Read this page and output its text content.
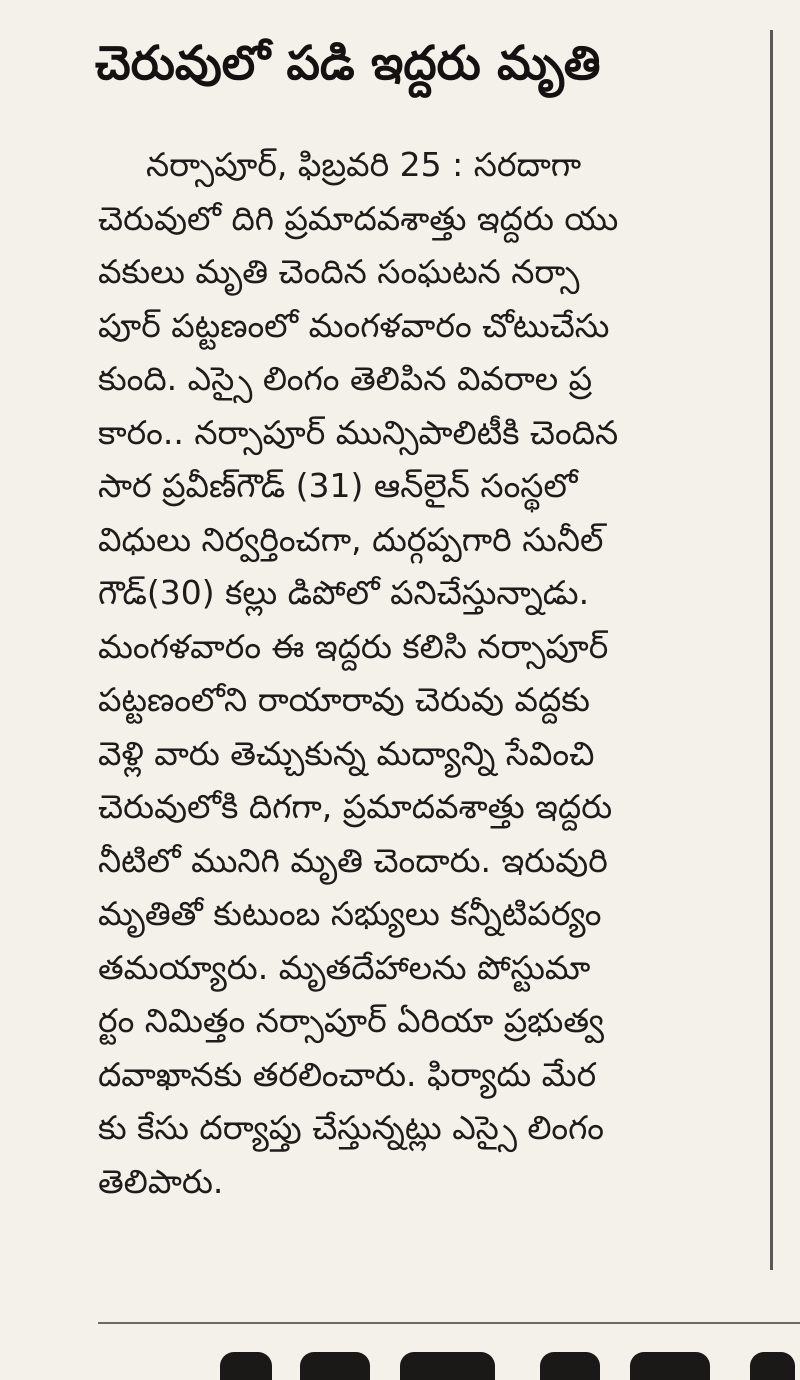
చెరువులో పడి ఇద్దరు మృతి
నర్సాపూర్, ఫిబ్రవరి 25 : సరదాగా
చెరువులో దిగి ప్రమాదవశాత్తు ఇద్దరు యు
వకులు మృతి చెందిన సంఘటన నర్సా
పూర్ పట్టణంలో మంగళవారం చోటుచేసు
కుంది. ఎస్సై లింగం తెలిపిన వివరాల ప్ర
కారం.. నర్సాపూర్ మున్సిపాలిటీకి చెందిన
సార ప్రవీణ్‌గౌడ్ (31) ఆన్‌లైన్ సంస్థలో
విధులు నిర్వర్తించగా, దుర్గప్పగారి సునీల్
గౌడ్(30) కల్లు డిపోలో పనిచేస్తున్నాడు.
మంగళవారం ఈ ఇద్దరు కలిసి నర్సాపూర్
పట్టణంలోని రాయారావు చెరువు వద్దకు
వెళ్లి వారు తెచ్చుకున్న మద్యాన్ని సేవించి
చెరువులోకి దిగగా, ప్రమాదవశాత్తు ఇద్దరు
నీటిలో మునిగి మృతి చెందారు. ఇరువురి
మృతితో కుటుంబ సభ్యులు కన్నీటిపర్యం
తమయ్యారు. మృతదేహాలను పోస్టుమా
ర్టం నిమిత్తం నర్సాపూర్ ఏరియా ప్రభుత్వ
దవాఖానకు తరలించారు. ఫిర్యాదు మేర
కు కేసు దర్యాప్తు చేస్తున్నట్లు ఎస్సై లింగం
తెలిపారు.
